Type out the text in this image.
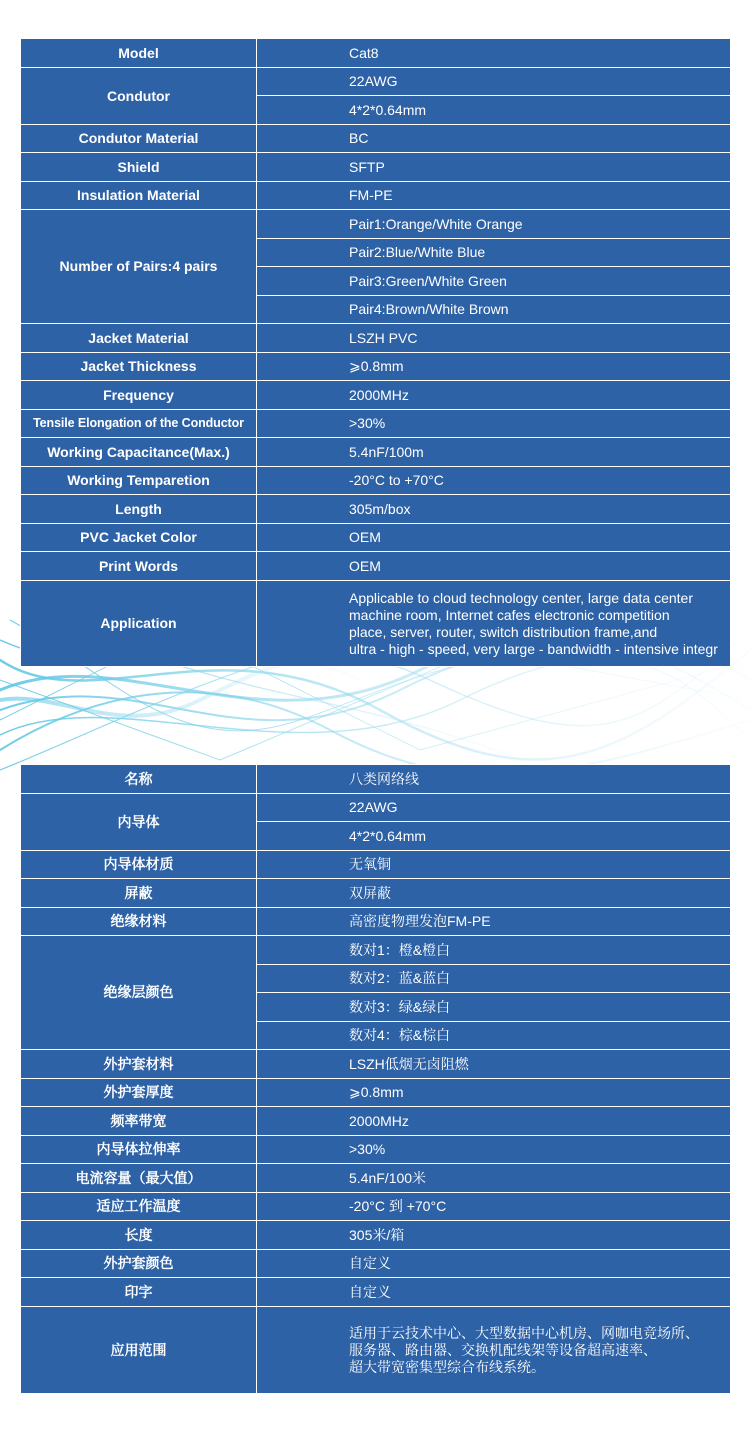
Model	Cat8
Condutor	22AWG
	4*2*0.64mm
Condutor Material	BC
Shield	SFTP
Insulation Material	FM-PE
Number of Pairs:4 pairs	Pair1:Orange/White Orange
	Pair2:Blue/White Blue
	Pair3:Green/White Green
	Pair4:Brown/White Brown
Jacket Material	LSZH PVC
Jacket Thickness	⩾0.8mm
Frequency	2000MHz
Tensile Elongation of the Conductor	>30%
Working Capacitance(Max.)	5.4nF/100m
Working Temparetion	-20°C to +70°C
Length	305m/box
PVC Jacket Color	OEM
Print Words	OEM
Application	Applicable to cloud technology center, large data center
machine room, Internet cafes electronic competition
place, server, router, switch distribution frame,and
ultra - high - speed, very large - bandwidth - intensive integr
名称	八类网络线
内导体	22AWG
	4*2*0.64mm
内导体材质	无氧铜
屏蔽	双屏蔽
绝缘材料	高密度物理发泡FM-PE
绝缘层颜色	数对1：橙&橙白
	数对2：蓝&蓝白
	数对3：绿&绿白
	数对4：棕&棕白
外护套材料	LSZH低烟无卤阻燃
外护套厚度	⩾0.8mm
频率带宽	2000MHz
内导体拉伸率	>30%
电流容量（最大值）	5.4nF/100米
适应工作温度	-20°C 到 +70°C
长度	305米/箱
外护套颜色	自定义
印字	自定义
应用范围	适用于云技术中心、大型数据中心机房、网咖电竞场所、
服务器、路由器、交换机配线架等设备超高速率、
超大带宽密集型综合布线系统。
